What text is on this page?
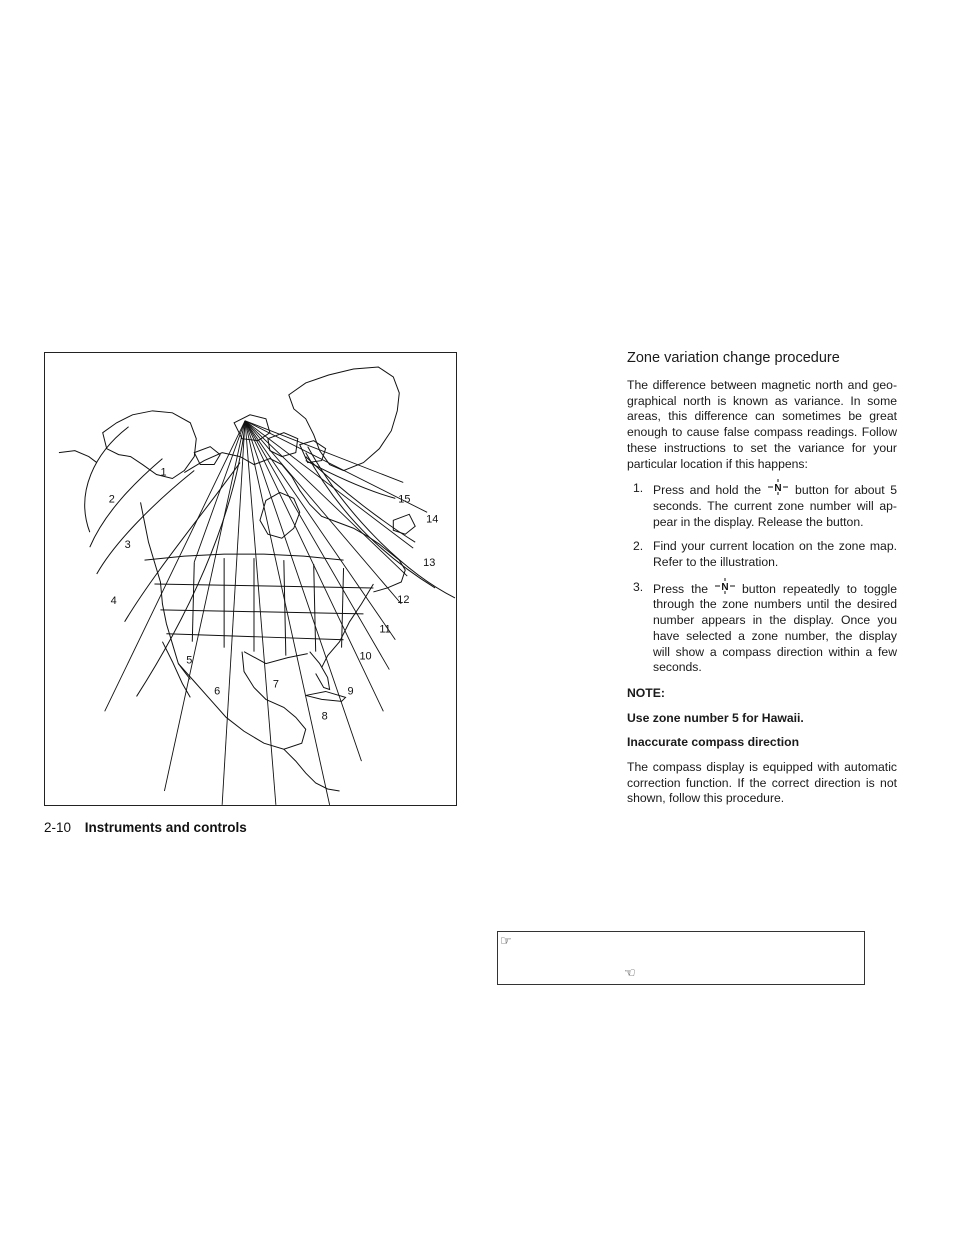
1
2
3
4
5
6
7
8
9
10
11
12
13
14
15
2-10 Instruments and controls
Zone variation change procedure

The difference between magnetic north and geo-graphical north is known as variance. In some areas, this difference can sometimes be great enough to cause false compass readings. Follow these instructions to set the variance for your particular location if this happens:

1. Press and hold the N button for about 5 seconds. The current zone number will ap-pear in the display. Release the button.
2. Find your current location on the zone map. Refer to the illustration.
3. Press the N button repeatedly to toggle through the zone numbers until the desired number appears in the display. Once you have selected a zone number, the display will show a compass direction within a few seconds.

NOTE:

Use zone number 5 for Hawaii.

Inaccurate compass direction

The compass display is equipped with automatic correction function. If the correct direction is not shown, follow this procedure.

☞
☜
